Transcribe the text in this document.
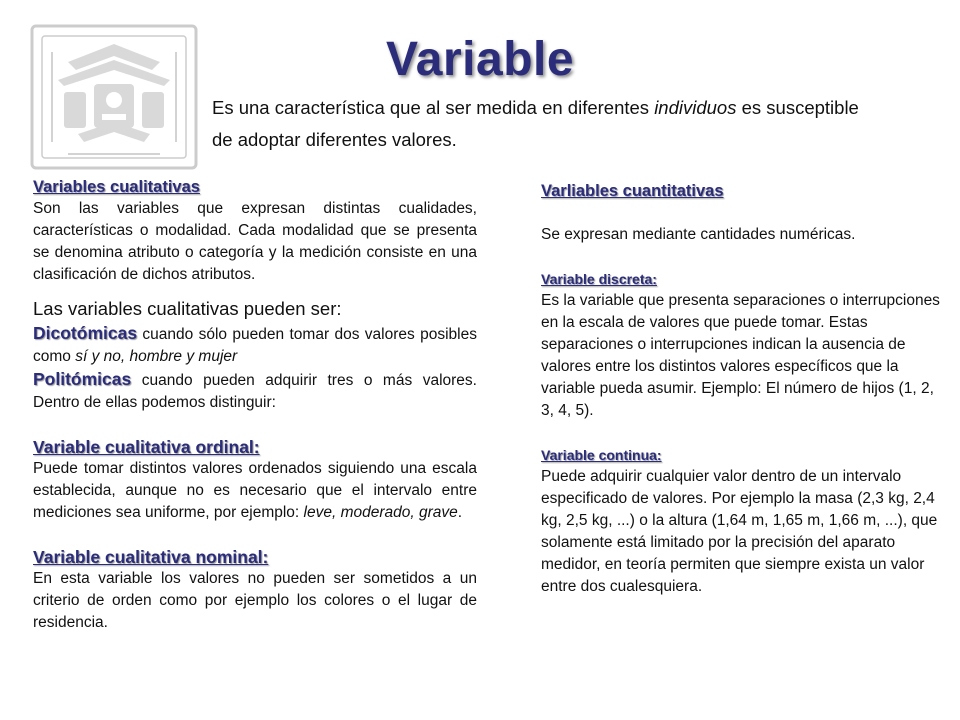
Variable
Es una característica que al ser medida en diferentes individuos es susceptible de adoptar diferentes valores.
Variables cualitativas

Son las variables que expresan distintas cualidades, características o modalidad. Cada modalidad que se presenta se denomina atributo o categoría y la medición consiste en una clasificación de dichos atributos.

Las variables cualitativas pueden ser:

Dicotómicas cuando sólo pueden tomar dos valores posibles como sí y no, hombre y mujer

Politómicas cuando pueden adquirir tres o más valores. Dentro de ellas podemos distinguir:

Variable cualitativa ordinal:

Puede tomar distintos valores ordenados siguiendo una escala establecida, aunque no es necesario que el intervalo entre mediciones sea uniforme, por ejemplo: leve, moderado, grave.

Variable cualitativa nominal:

En esta variable los valores no pueden ser sometidos a un criterio de orden como por ejemplo los colores o el lugar de residencia.

Varliables cuantitativas

Se expresan mediante cantidades numéricas.

Variable discreta:

Es la variable que presenta separaciones o interrupciones en la escala de valores que puede tomar. Estas separaciones o interrupciones indican la ausencia de valores entre los distintos valores específicos que la variable pueda asumir. Ejemplo: El número de hijos (1, 2, 3, 4, 5).

Variable continua:

Puede adquirir cualquier valor dentro de un intervalo especificado de valores. Por ejemplo la masa (2,3 kg, 2,4 kg, 2,5 kg, ...) o la altura (1,64 m, 1,65 m, 1,66 m, ...), que solamente está limitado por la precisión del aparato medidor, en teoría permiten que siempre exista un valor entre dos cualesquiera.
